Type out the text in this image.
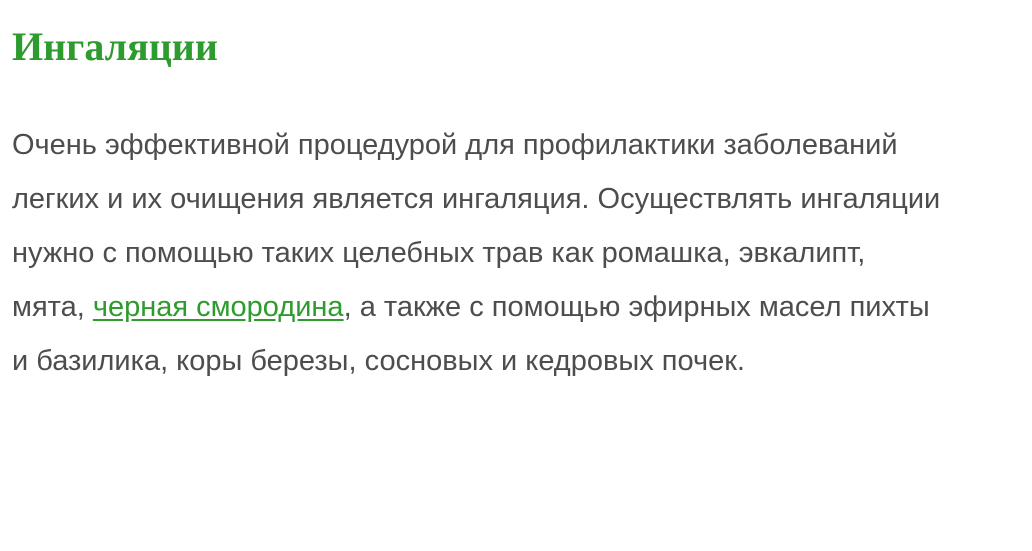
Ингаляции

Очень эффективной процедурой для профилактики заболеваний легких и их очищения является ингаляция. Осуществлять ингаляции нужно с помощью таких целебных трав как ромашка, эвкалипт, мята, черная смородина, а также с помощью эфирных масел пихты и базилика, коры березы, сосновых и кедровых почек.
